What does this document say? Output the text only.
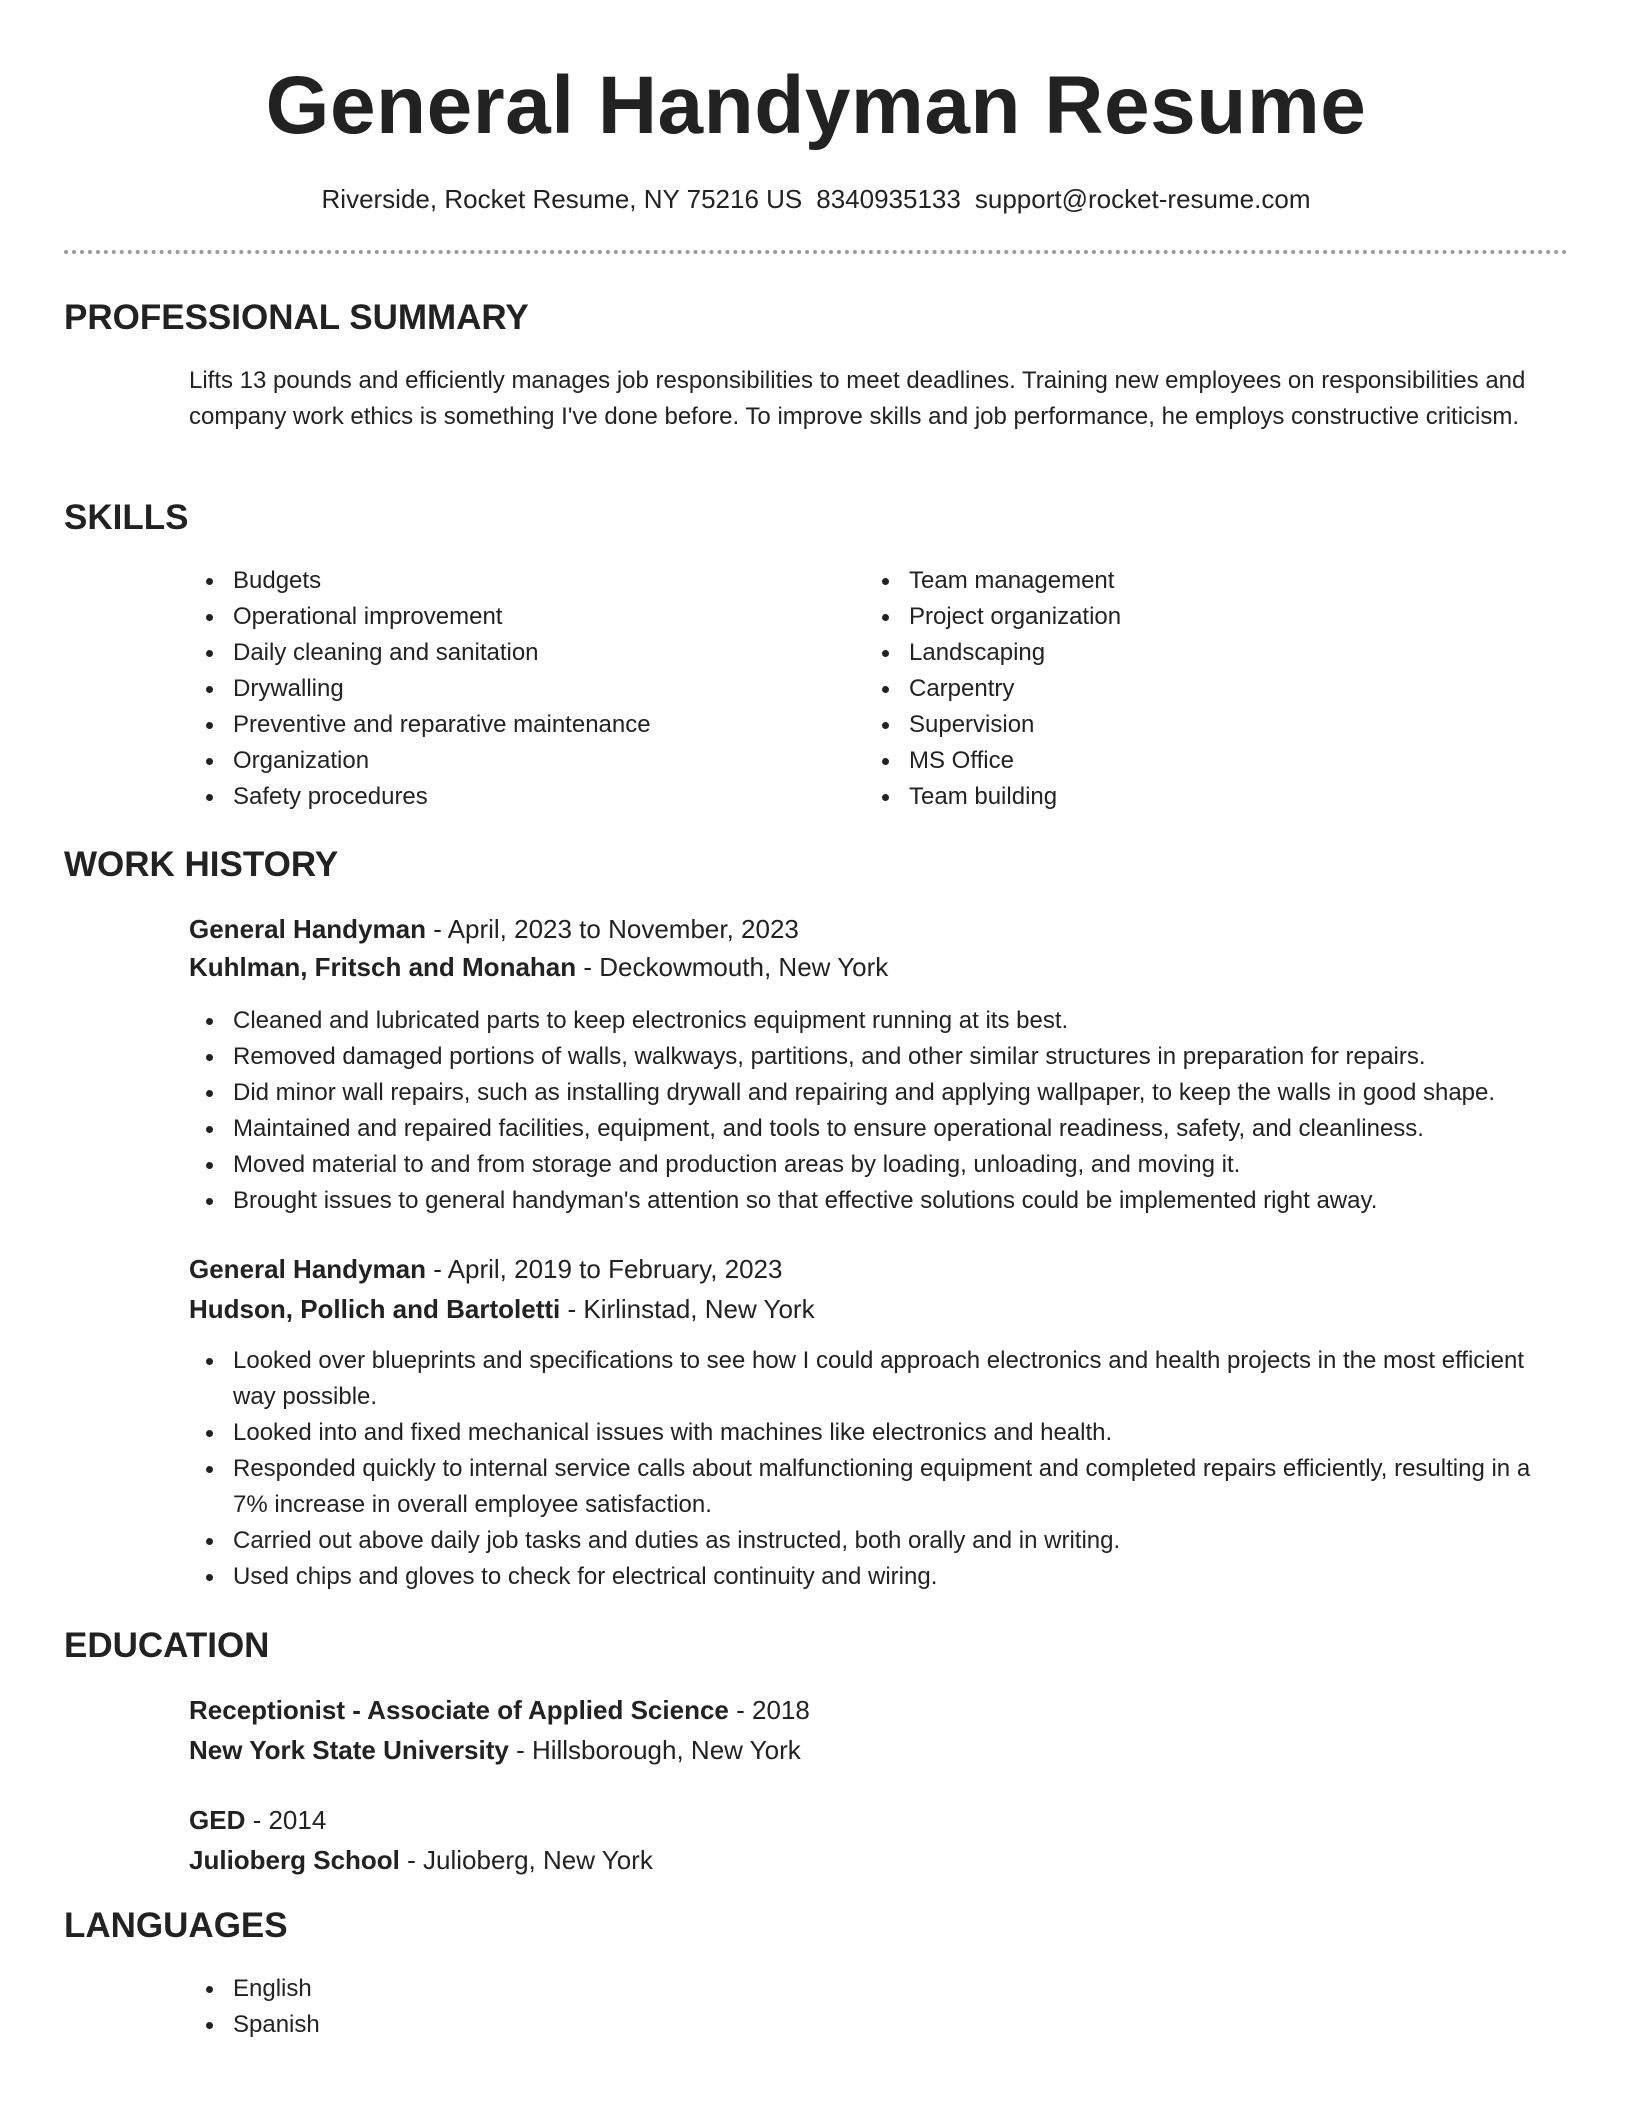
General Handyman Resume
Riverside, Rocket Resume, NY 75216 US 8340935133 support@rocket-resume.com
PROFESSIONAL SUMMARY
Lifts 13 pounds and efficiently manages job responsibilities to meet deadlines. Training new employees on responsibilities and company work ethics is something I've done before. To improve skills and job performance, he employs constructive criticism.
SKILLS
Budgets
Operational improvement
Daily cleaning and sanitation
Drywalling
Preventive and reparative maintenance
Organization
Safety procedures
Team management
Project organization
Landscaping
Carpentry
Supervision
MS Office
Team building
WORK HISTORY
General Handyman - April, 2023 to November, 2023
Kuhlman, Fritsch and Monahan - Deckowmouth, New York
Cleaned and lubricated parts to keep electronics equipment running at its best.
Removed damaged portions of walls, walkways, partitions, and other similar structures in preparation for repairs.
Did minor wall repairs, such as installing drywall and repairing and applying wallpaper, to keep the walls in good shape.
Maintained and repaired facilities, equipment, and tools to ensure operational readiness, safety, and cleanliness.
Moved material to and from storage and production areas by loading, unloading, and moving it.
Brought issues to general handyman's attention so that effective solutions could be implemented right away.
General Handyman - April, 2019 to February, 2023
Hudson, Pollich and Bartoletti - Kirlinstad, New York
Looked over blueprints and specifications to see how I could approach electronics and health projects in the most efficient way possible.
Looked into and fixed mechanical issues with machines like electronics and health.
Responded quickly to internal service calls about malfunctioning equipment and completed repairs efficiently, resulting in a 7% increase in overall employee satisfaction.
Carried out above daily job tasks and duties as instructed, both orally and in writing.
Used chips and gloves to check for electrical continuity and wiring.
EDUCATION
Receptionist - Associate of Applied Science - 2018
New York State University - Hillsborough, New York
GED - 2014
Julioberg School - Julioberg, New York
LANGUAGES
English
Spanish
